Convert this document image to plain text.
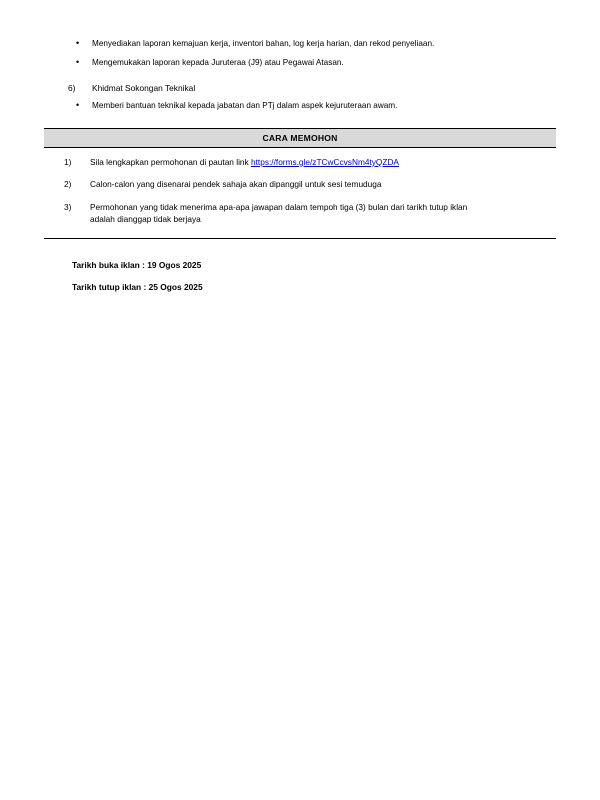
• Menyediakan laporan kemajuan kerja, inventori bahan, log kerja harian, dan rekod penyeliaan.
• Mengemukakan laporan kepada Juruteraa (J9) atau Pegawai Atasan.
6) Khidmat Sokongan Teknikal
• Memberi bantuan teknikal kepada jabatan dan PTj dalam aspek kejuruteraan awam.
CARA MEMOHON
1) Sila lengkapkan permohonan di pautan link https://forms.gle/zTCwCcvsNm4tyQZDA
2) Calon-calon yang disenarai pendek sahaja akan dipanggil untuk sesi temuduga
3) Permohonan yang tidak menerima apa-apa jawapan dalam tempoh tiga (3) bulan dari tarikh tutup iklan
adalah dianggap tidak berjaya
Tarikh buka iklan : 19 Ogos 2025
Tarikh tutup iklan : 25 Ogos 2025
